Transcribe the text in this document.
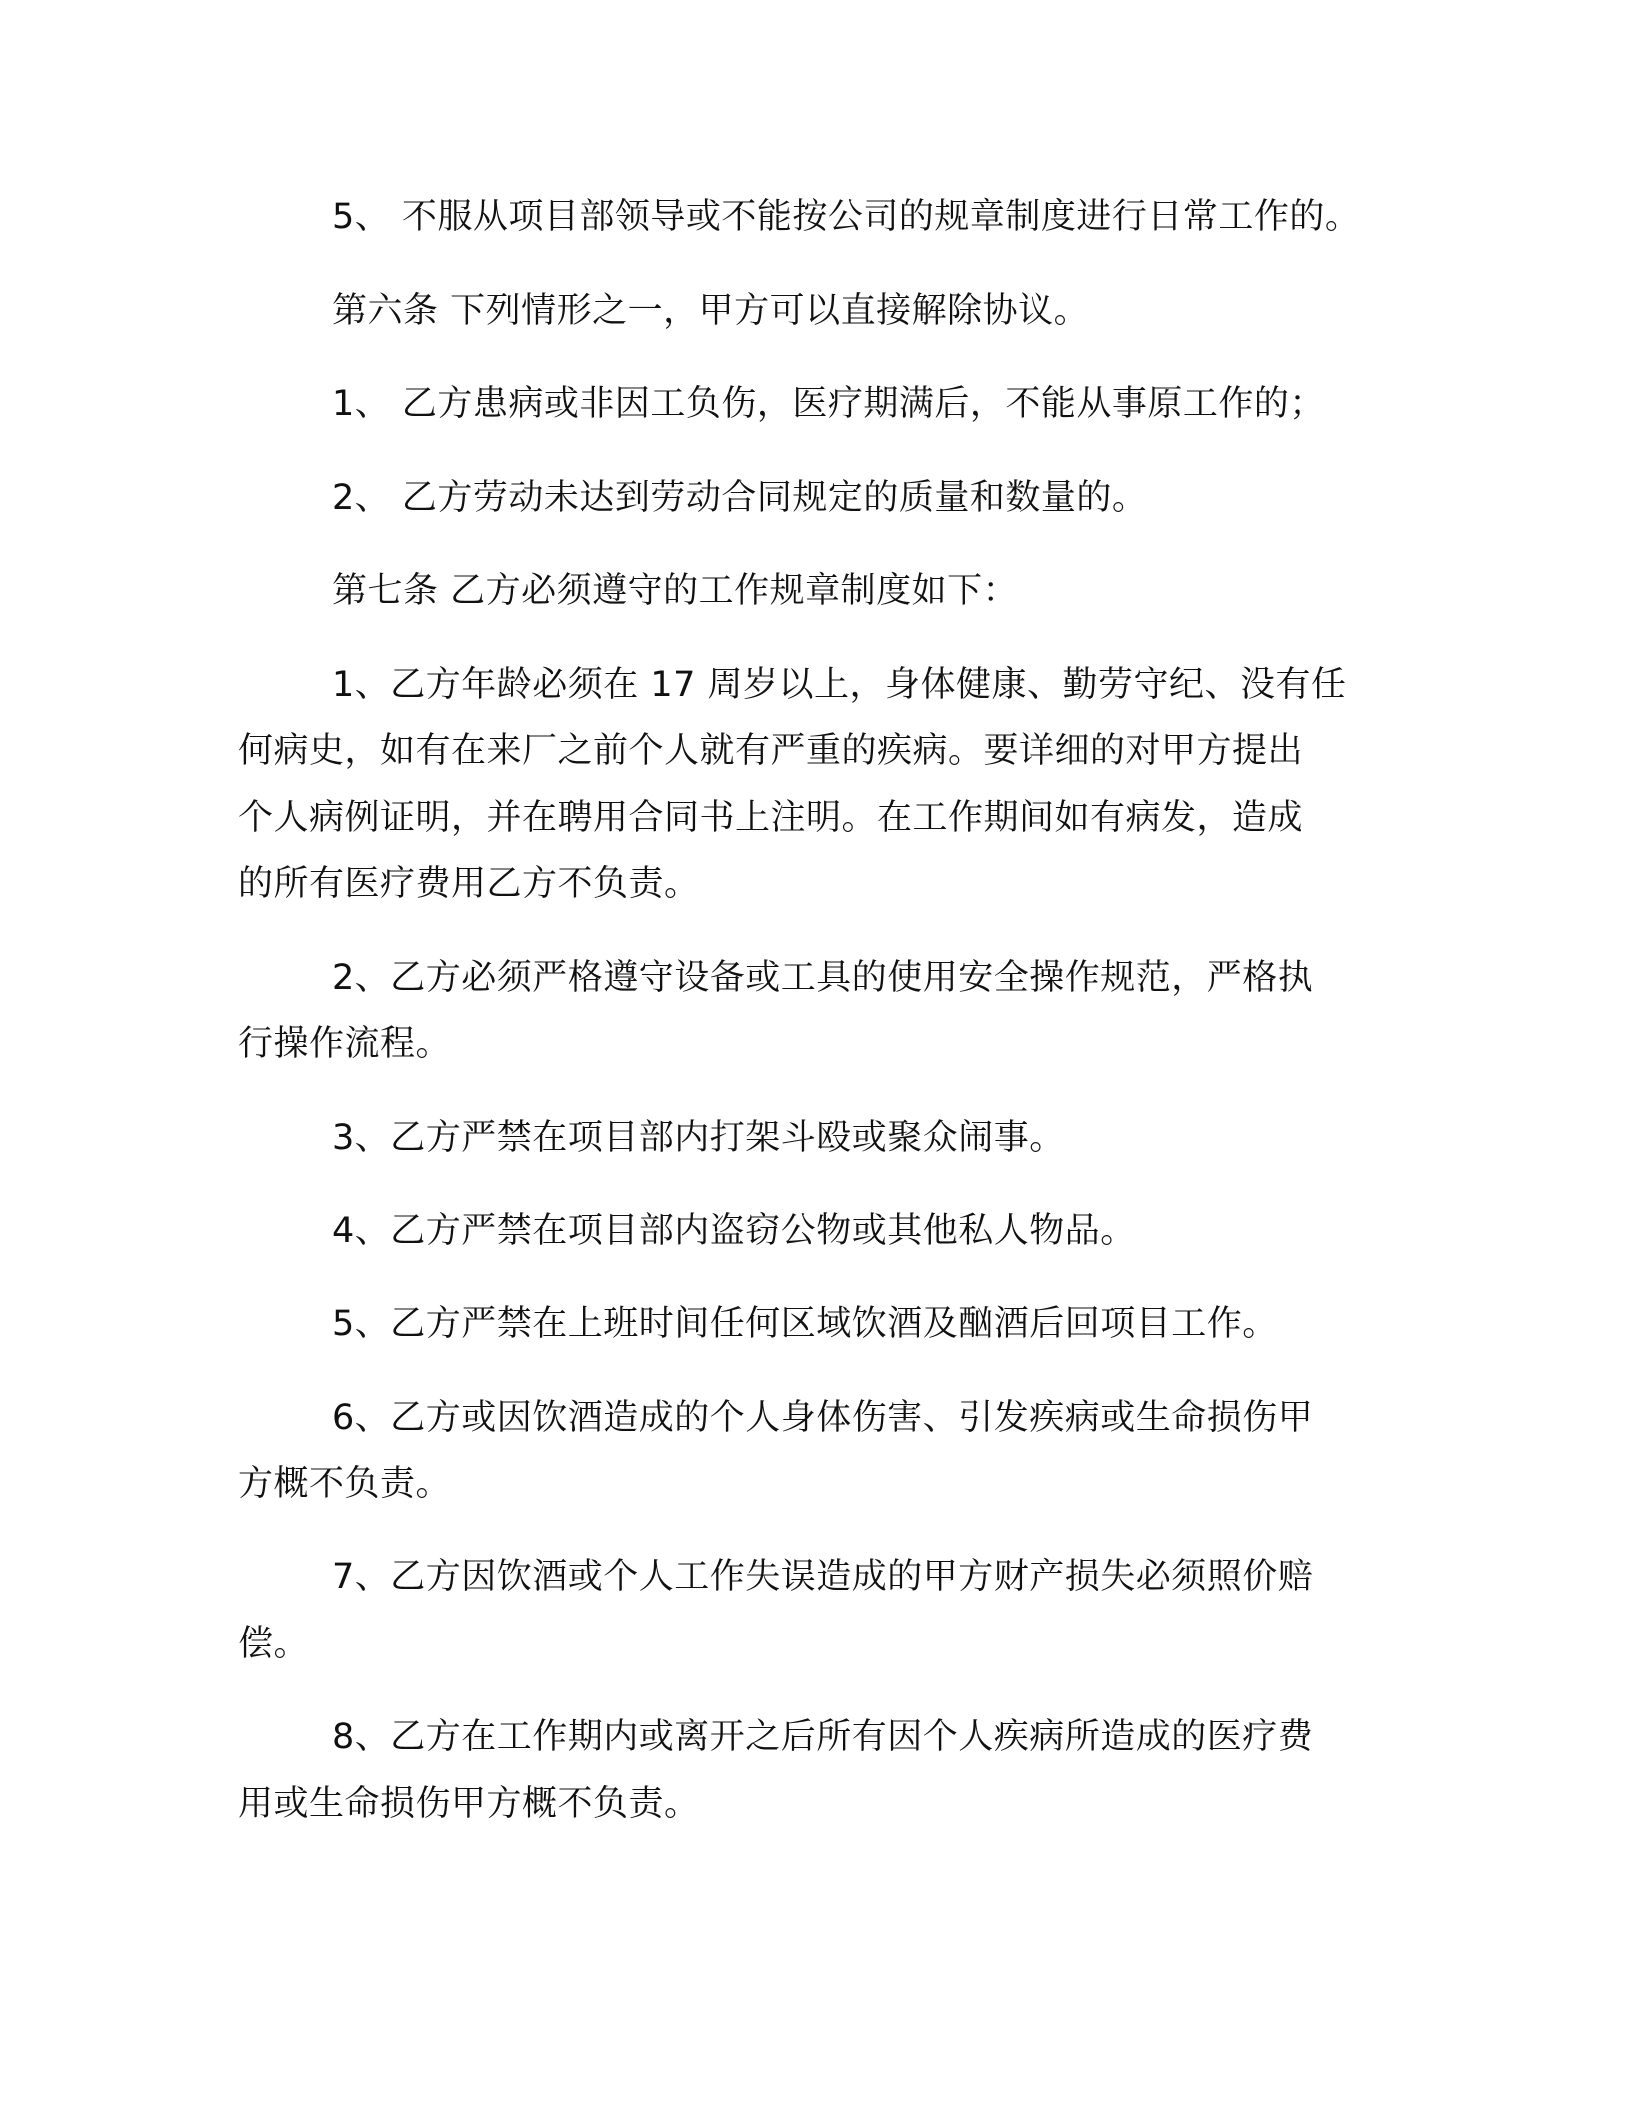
5、 不服从项目部领导或不能按公司的规章制度进行日常工作的。
第六条 下列情形之一，甲方可以直接解除协议。
1、 乙方患病或非因工负伤，医疗期满后，不能从事原工作的；
2、 乙方劳动未达到劳动合同规定的质量和数量的。
第七条 乙方必须遵守的工作规章制度如下：
1、乙方年龄必须在 17 周岁以上，身体健康、勤劳守纪、没有任
何病史，如有在来厂之前个人就有严重的疾病。要详细的对甲方提出
个人病例证明，并在聘用合同书上注明。在工作期间如有病发，造成
的所有医疗费用乙方不负责。
2、乙方必须严格遵守设备或工具的使用安全操作规范，严格执
行操作流程。
3、乙方严禁在项目部内打架斗殴或聚众闹事。
4、乙方严禁在项目部内盗窃公物或其他私人物品。
5、乙方严禁在上班时间任何区域饮酒及酗酒后回项目工作。
6、乙方或因饮酒造成的个人身体伤害、引发疾病或生命损伤甲
方概不负责。
7、乙方因饮酒或个人工作失误造成的甲方财产损失必须照价赔
偿。
8、乙方在工作期内或离开之后所有因个人疾病所造成的医疗费
用或生命损伤甲方概不负责。
